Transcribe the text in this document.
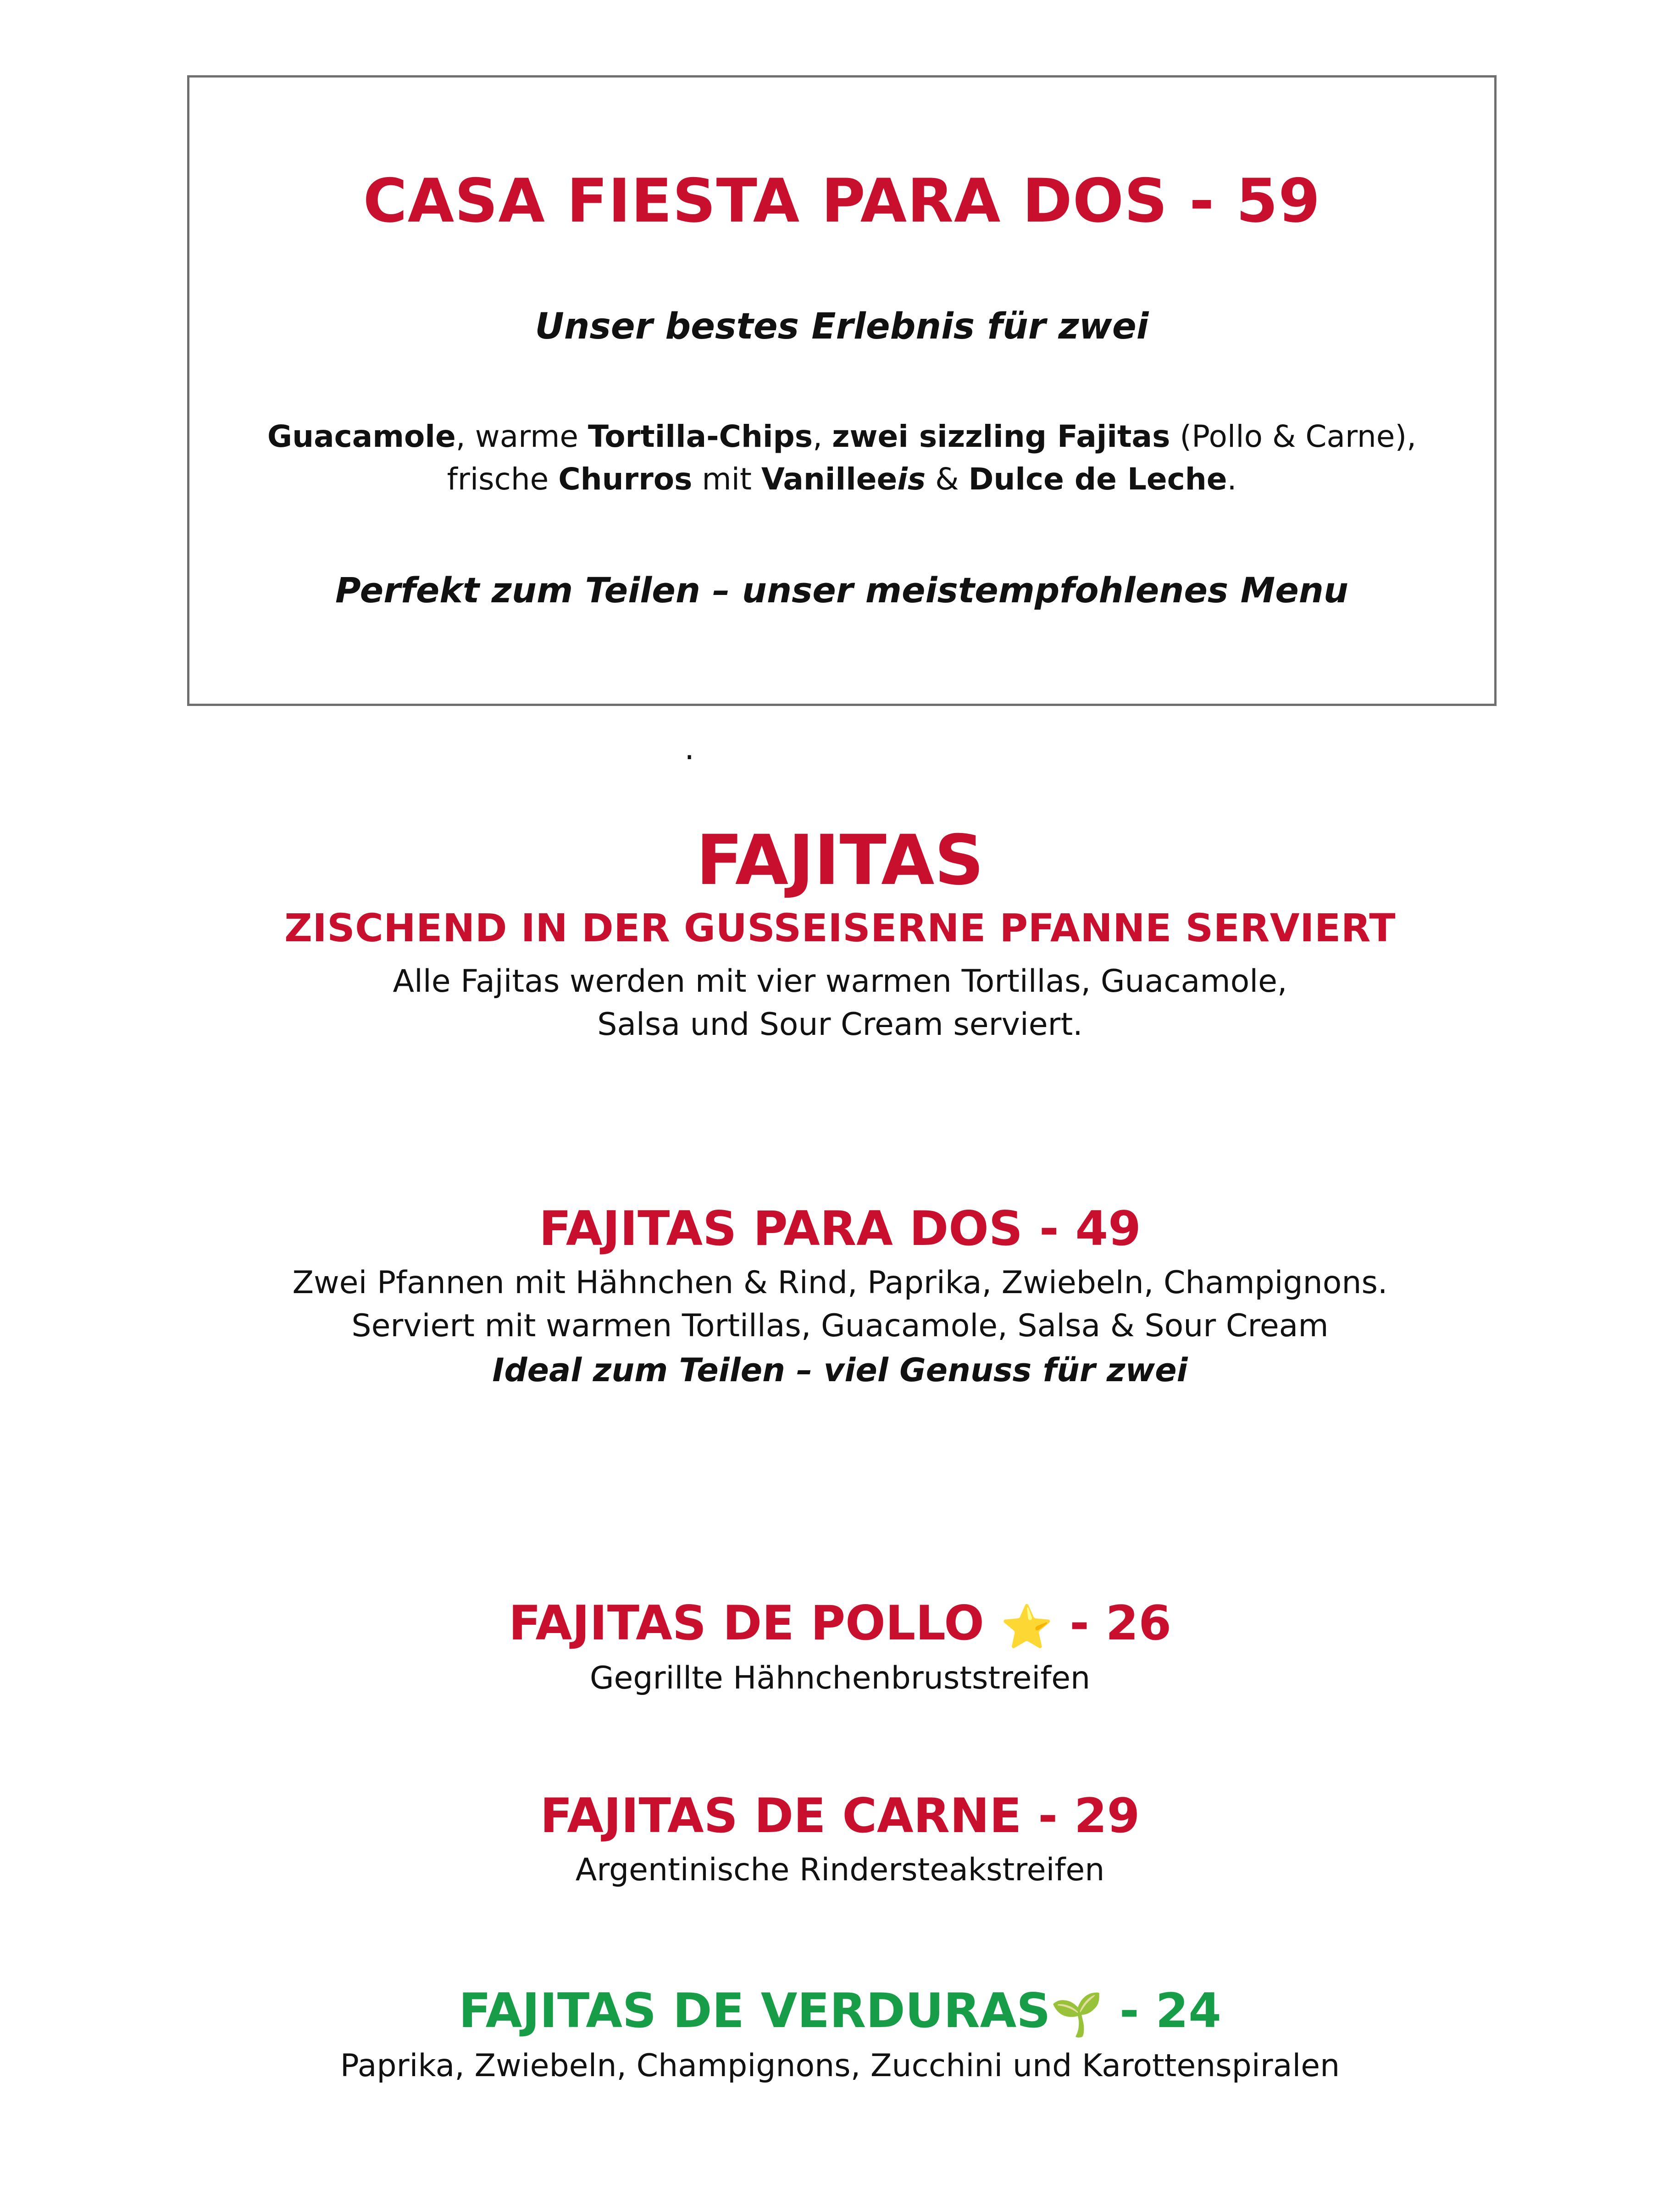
CASA FIESTA PARA DOS - 59
Unser bestes Erlebnis für zwei
Guacamole, warme Tortilla-Chips, zwei sizzling Fajitas (Pollo & Carne),
frische Churros mit Vanilleeis & Dulce de Leche.
Perfekt zum Teilen – unser meistempfohlenes Menu
.
FAJITAS
ZISCHEND IN DER GUSSEISERNE PFANNE SERVIERT
Alle Fajitas werden mit vier warmen Tortillas, Guacamole,
Salsa und Sour Cream serviert.
FAJITAS PARA DOS - 49
Zwei Pfannen mit Hähnchen & Rind, Paprika, Zwiebeln, Champignons.
Serviert mit warmen Tortillas, Guacamole, Salsa & Sour Cream
Ideal zum Teilen – viel Genuss für zwei
FAJITAS DE POLLO ⭐ - 26
Gegrillte Hähnchenbruststreifen
FAJITAS DE CARNE - 29
Argentinische Rindersteakstreifen
FAJITAS DE VERDURAS🌱 - 24
Paprika, Zwiebeln, Champignons, Zucchini und Karottenspiralen
